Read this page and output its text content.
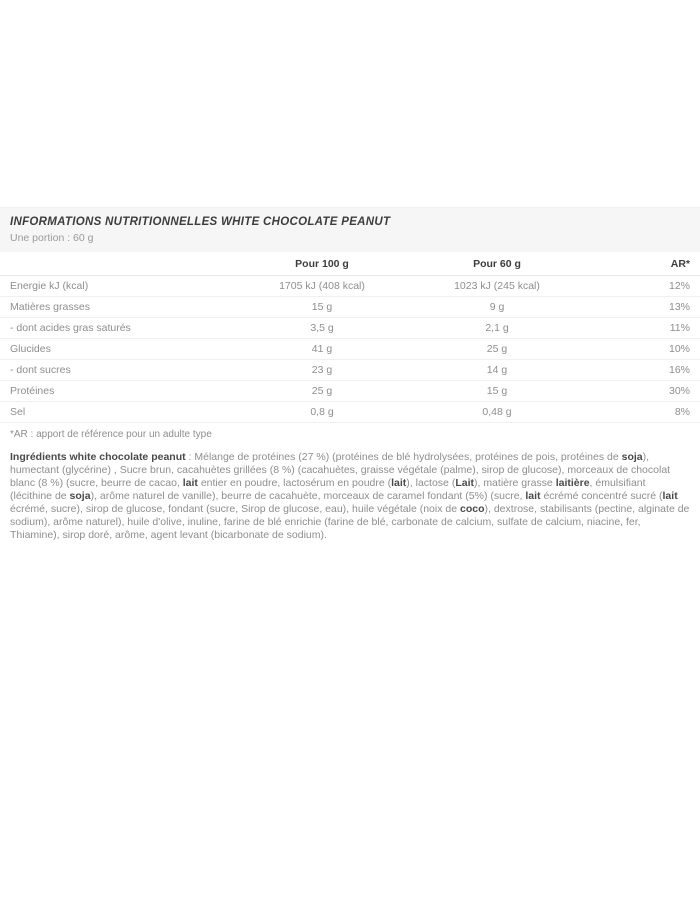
INFORMATIONS NUTRITIONNELLES WHITE CHOCOLATE PEANUT

Une portion : 60 g

	Pour 100 g	Pour 60 g	AR*
Energie kJ (kcal)	1705 kJ (408 kcal)	1023 kJ (245 kcal)	12%
Matières grasses	15 g	9 g	13%
- dont acides gras saturés	3,5 g	2,1 g	11%
Glucides	41 g	25 g	10%
- dont sucres	23 g	14 g	16%
Protéines	25 g	15 g	30%
Sel	0,8 g	0,48 g	8%
*AR : apport de référence pour un adulte type

Ingrédients white chocolate peanut : Mélange de protéines (27 %) (protéines de blé hydrolysées, protéines de pois, protéines de soja), humectant (glycérine) , Sucre brun, cacahuètes grillées (8 %) (cacahuètes, graisse végétale (palme), sirop de glucose), morceaux de chocolat blanc (8 %) (sucre, beurre de cacao, lait entier en poudre, lactosérum en poudre (lait), lactose (Lait), matière grasse laitière, émulsifiant (lécithine de soja), arôme naturel de vanille), beurre de cacahuète, morceaux de caramel fondant (5%) (sucre, lait écrémé concentré sucré (lait écrémé, sucre), sirop de glucose, fondant (sucre, Sirop de glucose, eau), huile végétale (noix de coco), dextrose, stabilisants (pectine, alginate de sodium), arôme naturel), huile d'olive, inuline, farine de blé enrichie (farine de blé, carbonate de calcium, sulfate de calcium, niacine, fer, Thiamine), sirop doré, arôme, agent levant (bicarbonate de sodium).
